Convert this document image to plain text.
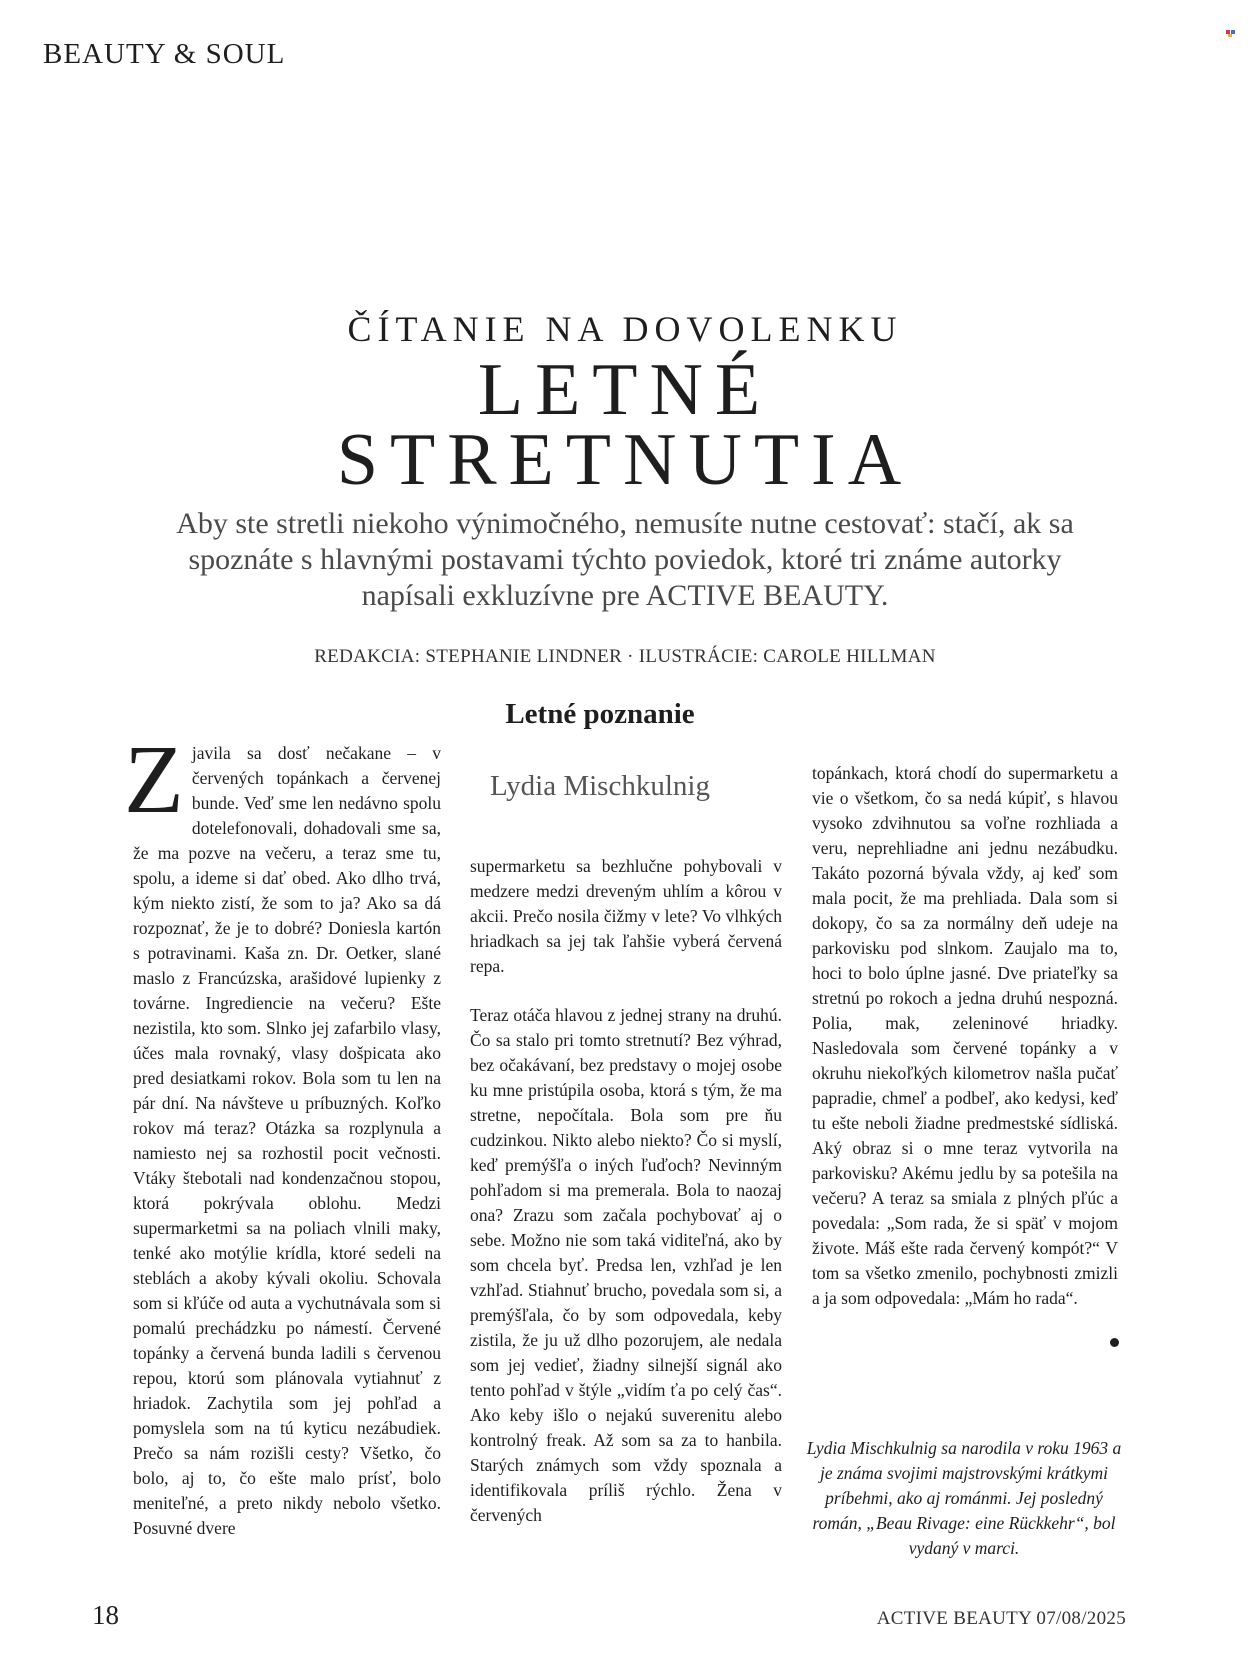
BEAUTY & SOUL
ČÍTANIE NA DOVOLENKU
LETNÉ
STRETNUTIA

Aby ste stretli niekoho výnimočného, nemusíte nutne cestovať: stačí, ak sa spoznáte s hlavnými postavami týchto poviedok, ktoré tri známe autorky napísali exkluzívne pre ACTIVE BEAUTY.

REDAKCIA: STEPHANIE LINDNER · ILUSTRÁCIE: CAROLE HILLMAN
Letné poznanie
Lydia Mischkulnig
Z javila sa dosť nečakane – v červených topánkach a červenej bunde. Veď sme len nedávno spolu dotelefonovali, dohadovali sme sa, že ma pozve na večeru, a teraz sme tu, spolu, a ideme si dať obed. Ako dlho trvá, kým niekto zistí, že som to ja? Ako sa dá rozpoznať, že je to dobré? Doniesla kartón s potravinami. Kaša zn. Dr. Oetker, slané maslo z Francúzska, arašidové lupienky z továrne. Ingrediencie na večeru? Ešte nezistila, kto som. Slnko jej zafarbilo vlasy, účes mala rovnaký, vlasy došpicata ako pred desiatkami rokov. Bola som tu len na pár dní. Na návšteve u príbuzných. Koľko rokov má teraz? Otázka sa rozplynula a namiesto nej sa rozhostil pocit večnosti. Vtáky štebotali nad kondenzačnou stopou, ktorá pokrývala oblohu. Medzi supermarketmi sa na poliach vlnili maky, tenké ako motýlie krídla, ktoré sedeli na steblách a akoby kývali okoliu. Schovala som si kľúče od auta a vychutnávala som si pomalú prechádzku po námestí. Červené topánky a červená bunda ladili s červenou repou, ktorú som plánovala vytiahnuť z hriadok. Zachytila som jej pohľad a pomyslela som na tú kyticu nezábudiek. Prečo sa nám rozišli cesty? Všetko, čo bolo, aj to, čo ešte malo prísť, bolo meniteľné, a preto nikdy nebolo všetko. Posuvné dvere

supermarketu sa bezhlučne pohybovali v medzere medzi dreveným uhlím a kôrou v akcii. Prečo nosila čižmy v lete? Vo vlhkých hriadkach sa jej tak ľahšie vyberá červená repa.

Teraz otáča hlavou z jednej strany na druhú. Čo sa stalo pri tomto stretnutí? Bez výhrad, bez očakávaní, bez predstavy o mojej osobe ku mne pristúpila osoba, ktorá s tým, že ma stretne, nepočítala. Bola som pre ňu cudzinkou. Nikto alebo niekto? Čo si myslí, keď premýšľa o iných ľuďoch? Nevinným pohľadom si ma premerala. Bola to naozaj ona? Zrazu som začala pochybovať aj o sebe. Možno nie som taká viditeľná, ako by som chcela byť. Predsa len, vzhľad je len vzhľad. Stiahnuť brucho, povedala som si, a premýšľala, čo by som odpovedala, keby zistila, že ju už dlho pozorujem, ale nedala som jej vedieť, žiadny silnejší signál ako tento pohľad v štýle „vidím ťa po celý čas“. Ako keby išlo o nejakú suverenitu alebo kontrolný freak. Až som sa za to hanbila. Starých známych som vždy spoznala a identifikovala príliš rýchlo. Žena v červených

topánkach, ktorá chodí do supermarketu a vie o všetkom, čo sa nedá kúpiť, s hlavou vysoko zdvihnutou sa voľne rozhliada a veru, neprehliadne ani jednu nezábudku. Takáto pozorná bývala vždy, aj keď som mala pocit, že ma prehliada. Dala som si dokopy, čo sa za normálny deň udeje na parkovisku pod slnkom. Zaujalo ma to, hoci to bolo úplne jasné. Dve priateľky sa stretnú po rokoch a jedna druhú nespozná. Polia, mak, zeleninové hriadky. Nasledovala som červené topánky a v okruhu niekoľkých kilometrov našla pučať papradie, chmeľ a podbeľ, ako kedysi, keď tu ešte neboli žiadne predmestské sídliská. Aký obraz si o mne teraz vytvorila na parkovisku? Akému jedlu by sa potešila na večeru? A teraz sa smiala z plných pľúc a povedala: „Som rada, že si späť v mojom živote. Máš ešte rada červený kompót?“ V tom sa všetko zmenilo, pochybnosti zmizli a ja som odpovedala: „Mám ho rada“.

Lydia Mischkulnig sa narodila v roku 1963 a je známa svojimi majstrovskými krátkymi príbehmi, ako aj románmi. Jej posledný román, „Beau Rivage: eine Rückkehr“, bol vydaný v marci.

18	ACTIVE BEAUTY 07/08/2025
